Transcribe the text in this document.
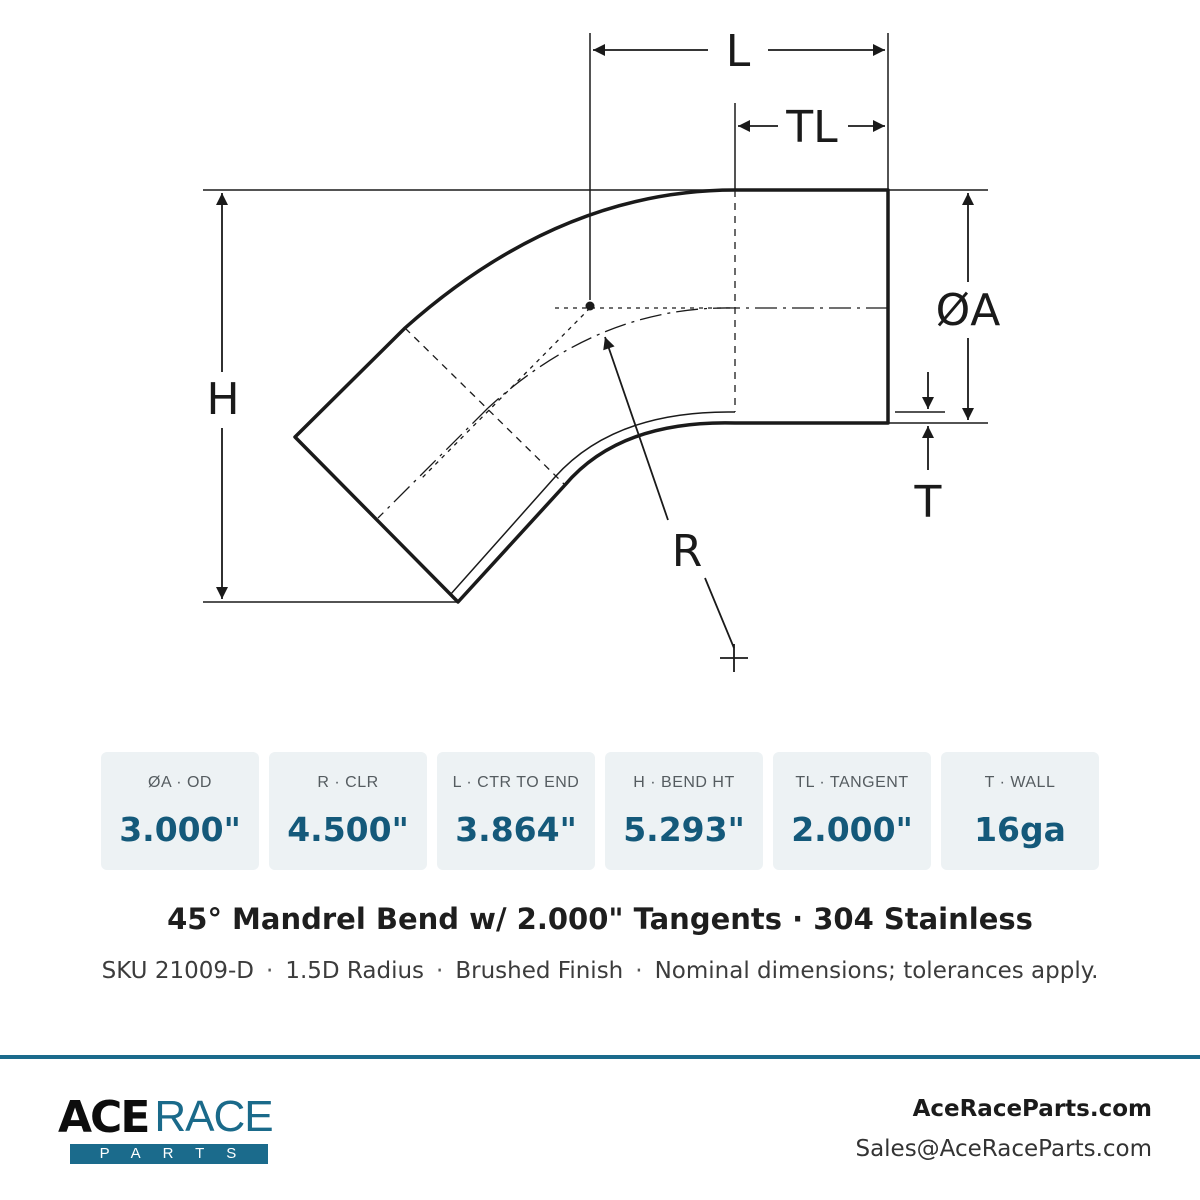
L
TL
H
ØA
T
R
ØA · OD
3.000"
R · CLR
4.500"
L · CTR TO END
3.864"
H · BEND HT
5.293"
TL · TANGENT
2.000"
T · WALL
16ga
45° Mandrel Bend w/ 2.000" Tangents · 304 Stainless
SKU 21009-D · 1.5D Radius · Brushed Finish · Nominal dimensions; tolerances apply.
ACE RACE
PARTS
AceRaceParts.com
Sales@AceRaceParts.com
